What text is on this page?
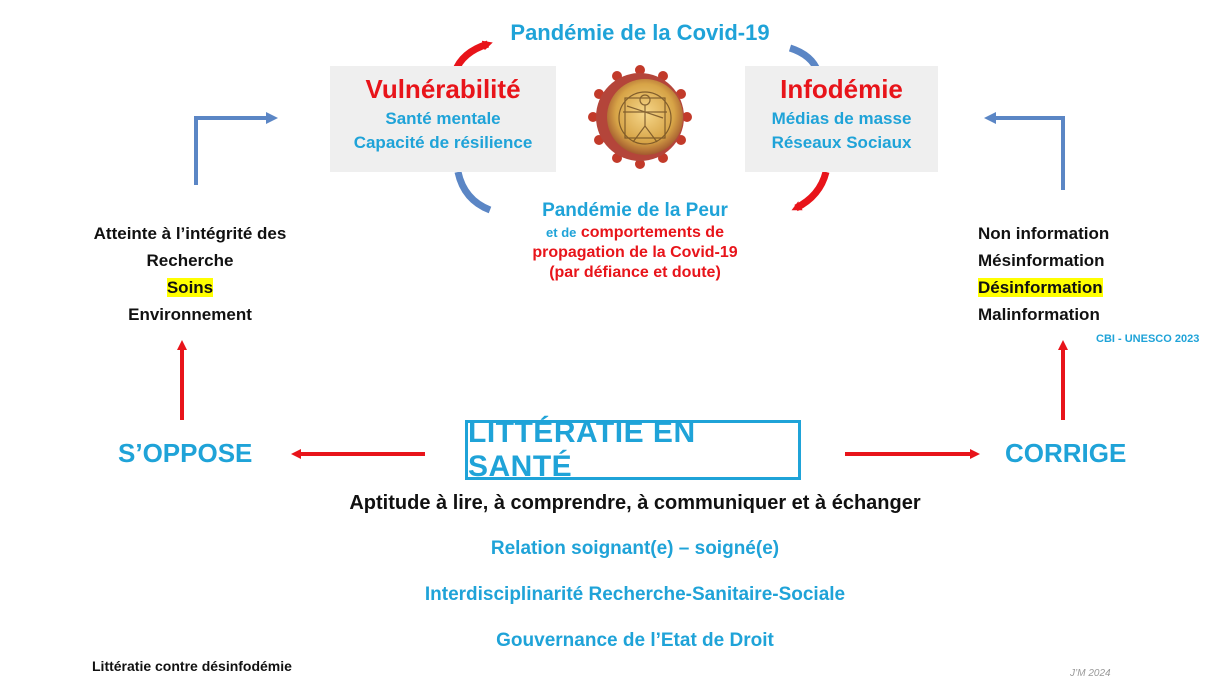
Pandémie de la Covid-19
Vulnérabilité
Santé mentale
Capacité de résilience
Infodémie
Médias de masse
Réseaux Sociaux
Pandémie de la Peur
et de comportements de
propagation de la Covid-19
(par défiance et doute)
Atteinte à l’intégrité des
Recherche
Soins
Environnement
Non information
Mésinformation
Désinformation
Malinformation
CBI - UNESCO 2023
S’OPPOSE
LITTÉRATIE EN SANTÉ	CORRIGE
Aptitude à lire, à comprendre, à communiquer et à échanger
Relation soignant(e) – soigné(e)
Interdisciplinarité Recherche-Sanitaire-Sociale
Gouvernance de l’Etat de Droit
Littératie contre désinfodémie	J’M 2024
